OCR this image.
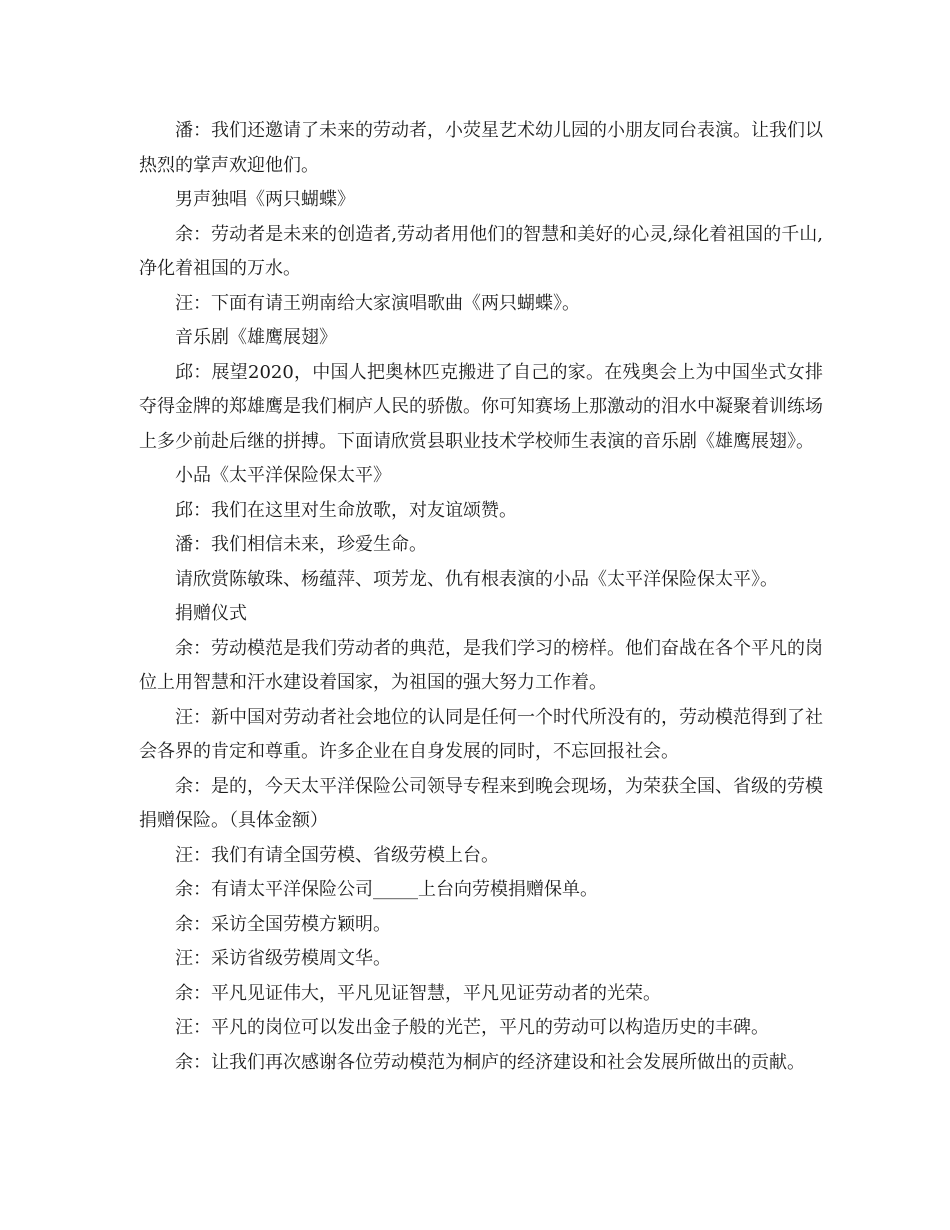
潘：我们还邀请了未来的劳动者，小荧星艺术幼儿园的小朋友同台表演。让我们以热烈的掌声欢迎他们。

男声独唱《两只蝴蝶》

余：劳动者是未来的创造者,劳动者用他们的智慧和美好的心灵,绿化着祖国的千山,净化着祖国的万水。

汪：下面有请王朔南给大家演唱歌曲《两只蝴蝶》。

音乐剧《雄鹰展翅》

邱：展望2020，中国人把奥林匹克搬进了自己的家。在残奥会上为中国坐式女排夺得金牌的郑雄鹰是我们桐庐人民的骄傲。你可知赛场上那激动的泪水中凝聚着训练场上多少前赴后继的拼搏。下面请欣赏县职业技术学校师生表演的音乐剧《雄鹰展翅》。

小品《太平洋保险保太平》

邱：我们在这里对生命放歌，对友谊颂赞。

潘：我们相信未来，珍爱生命。

请欣赏陈敏珠、杨蕴萍、项芳龙、仇有根表演的小品《太平洋保险保太平》。

捐赠仪式

余：劳动模范是我们劳动者的典范，是我们学习的榜样。他们奋战在各个平凡的岗位上用智慧和汗水建设着国家，为祖国的强大努力工作着。

汪：新中国对劳动者社会地位的认同是任何一个时代所没有的，劳动模范得到了社会各界的肯定和尊重。许多企业在自身发展的同时，不忘回报社会。

余：是的，今天太平洋保险公司领导专程来到晚会现场，为荣获全国、省级的劳模捐赠保险。（具体金额）

汪：我们有请全国劳模、省级劳模上台。

余：有请太平洋保险公司_____上台向劳模捐赠保单。

余：采访全国劳模方颖明。

汪：采访省级劳模周文华。

余：平凡见证伟大，平凡见证智慧，平凡见证劳动者的光荣。

汪：平凡的岗位可以发出金子般的光芒，平凡的劳动可以构造历史的丰碑。

余：让我们再次感谢各位劳动模范为桐庐的经济建设和社会发展所做出的贡献。
